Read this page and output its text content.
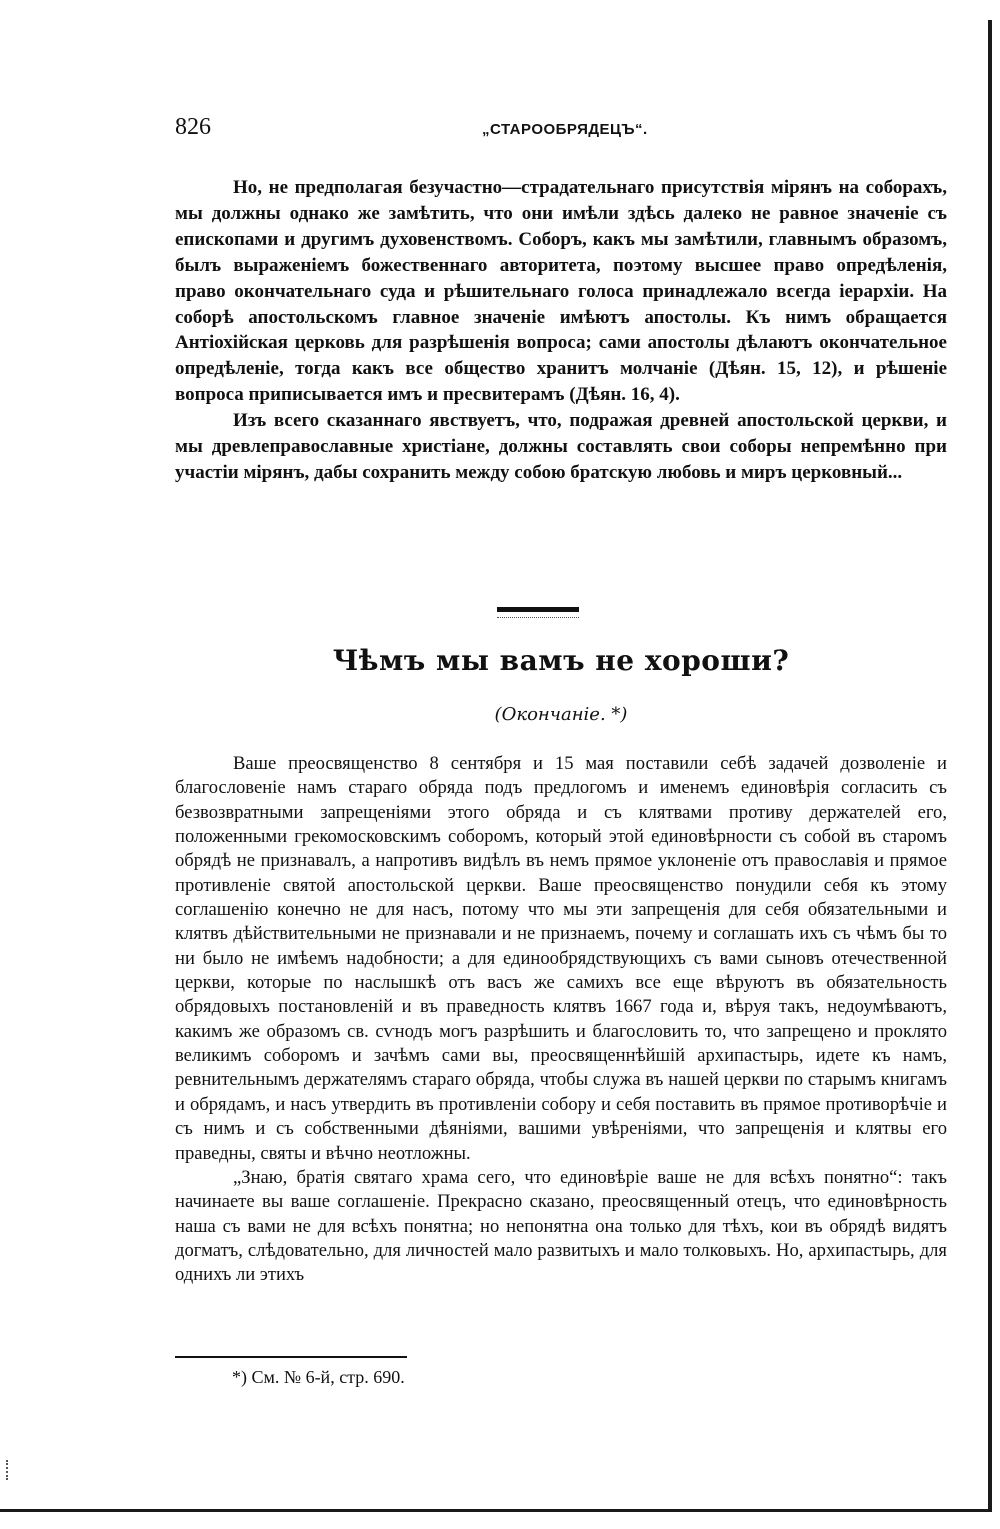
826	„СТАРООБРЯДЕЦЪ“.

Но, не предполагая безучастно—страдательнаго присутствія мірянъ на соборахъ, мы должны однако же замѣтить, что они имѣли здѣсь далеко не равное значеніе съ епископами и другимъ духовенствомъ. Соборъ, какъ мы замѣтили, главнымъ образомъ, былъ выраженіемъ божественнаго авторитета, поэтому высшее право опредѣленія, право окончательнаго суда и рѣшительнаго голоса принадлежало всегда іерархіи. На соборѣ апостольскомъ главное значеніе имѣютъ апостолы. Къ нимъ обращается Антіохійская церковь для разрѣшенія вопроса; сами апостолы дѣлаютъ окончательное опредѣленіе, тогда какъ все общество хранитъ молчаніе (Дѣян. 15, 12), и рѣшеніе вопроса приписывается имъ и пресвитерамъ (Дѣян. 16, 4).

Изъ всего сказаннаго явствуетъ, что, подражая древней апостольской церкви, и мы древлеправославные христіане, должны составлять свои соборы непремѣнно при участіи мірянъ, дабы сохранить между собою братскую любовь и миръ церковный...

Чѣмъ мы вамъ не хороши?
(Окончаніе. *)

Ваше преосвященство 8 сентября и 15 мая поставили себѣ задачей дозволеніе и благословеніе намъ стараго обряда подъ предлогомъ и именемъ единовѣрія согласить съ безвозвратными запрещеніями этого обряда и съ клятвами противу держателей его, положенными грекомосковскимъ соборомъ, который этой единовѣрности съ собой въ старомъ обрядѣ не признавалъ, а напротивъ видѣлъ въ немъ прямое уклоненіе отъ православія и прямое противленіе святой апостольской церкви. Ваше преосвященство понудили себя къ этому соглашенію конечно не для насъ, потому что мы эти запрещенія для себя обязательными и клятвъ дѣйствительными не признавали и не признаемъ, почему и соглашать ихъ съ чѣмъ бы то ни было не имѣемъ надобности; а для единообрядствующихъ съ вами сыновъ отечественной церкви, которые по наслышкѣ отъ васъ же самихъ все еще вѣруютъ въ обязательность обрядовыхъ постановленій и въ праведность клятвъ 1667 года и, вѣруя такъ, недоумѣваютъ, какимъ же образомъ св. сѵнодъ могъ разрѣшить и благословить то, что запрещено и проклято великимъ соборомъ и зачѣмъ сами вы, преосвященнѣйшій архипастырь, идете къ намъ, ревнительнымъ держателямъ стараго обряда, чтобы служа въ нашей церкви по старымъ книгамъ и обрядамъ, и насъ утвердить въ противленіи собору и себя поставить въ прямое противорѣчіе и съ нимъ и съ собственными дѣяніями, вашими увѣреніями, что запрещенія и клятвы его праведны, святы и вѣчно неотложны.

„Знаю, братія святаго храма сего, что единовѣріе ваше не для всѣхъ понятно“: такъ начинаете вы ваше соглашеніе. Прекрасно сказано, преосвященный отецъ, что единовѣрность наша съ вами не для всѣхъ понятна; но непонятна она только для тѣхъ, кои въ обрядѣ видятъ догматъ, слѣдовательно, для личностей мало развитыхъ и мало толковыхъ. Но, архипастырь, для однихъ ли этихъ

*) См. № 6-й, стр. 690.
